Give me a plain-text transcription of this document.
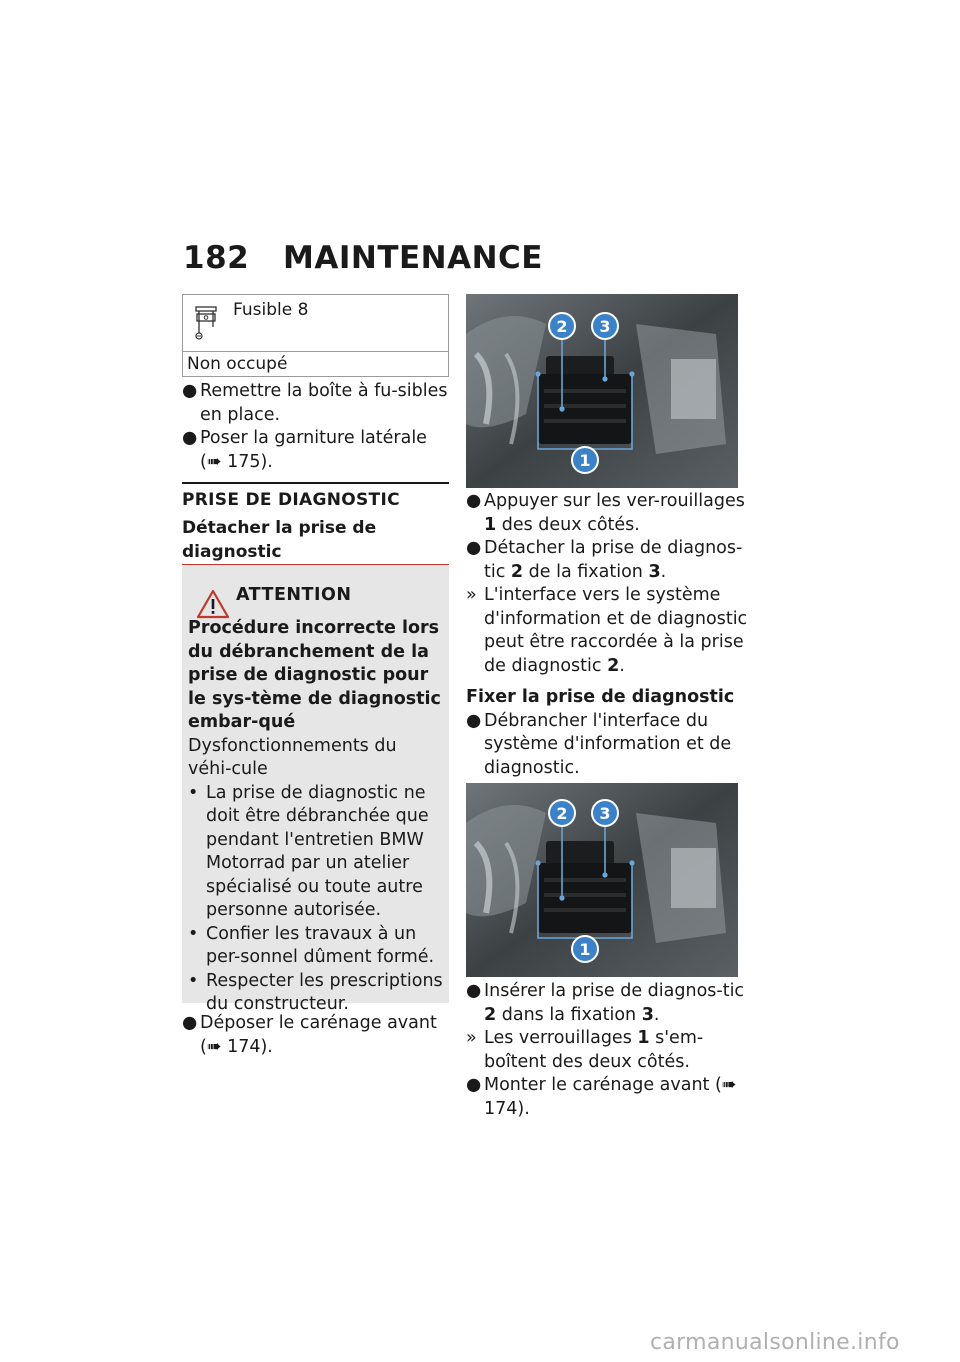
182 MAINTENANCE
Fusible 8
Non occupé

● Remettre la boîte à fu-sibles en place.

● Poser la garniture latérale (➠ 175).

PRISE DE DIAGNOSTIC
Détacher la prise de diagnostic
ATTENTION
Procédure incorrecte lors du débranchement de la prise de diagnostic pour le sys-tème de diagnostic embar-qué
Dysfonctionnements du véhi-cule

• La prise de diagnostic ne doit être débranchée que pendant l'entretien BMW Motorrad par un atelier spécialisé ou toute autre personne autorisée.

• Confier les travaux à un per-sonnel dûment formé.

• Respecter les prescriptions du constructeur.

● Déposer le carénage avant
(➠ 174).

2 3
1

● Appuyer sur les ver-rouillages 1 des deux côtés.

● Détacher la prise de diagnos-tic 2 de la fixation 3.

» L'interface vers le système d'information et de diagnostic peut être raccordée à la prise de diagnostic 2.

Fixer la prise de diagnostic

● Débrancher l'interface du système d'information et de diagnostic.

2 3
1

● Insérer la prise de diagnos-tic 2 dans la fixation 3.

» Les verrouillages 1 s'em-boîtent des deux côtés.

● Monter le carénage avant (➠ 174).

carmanualsonline.info
